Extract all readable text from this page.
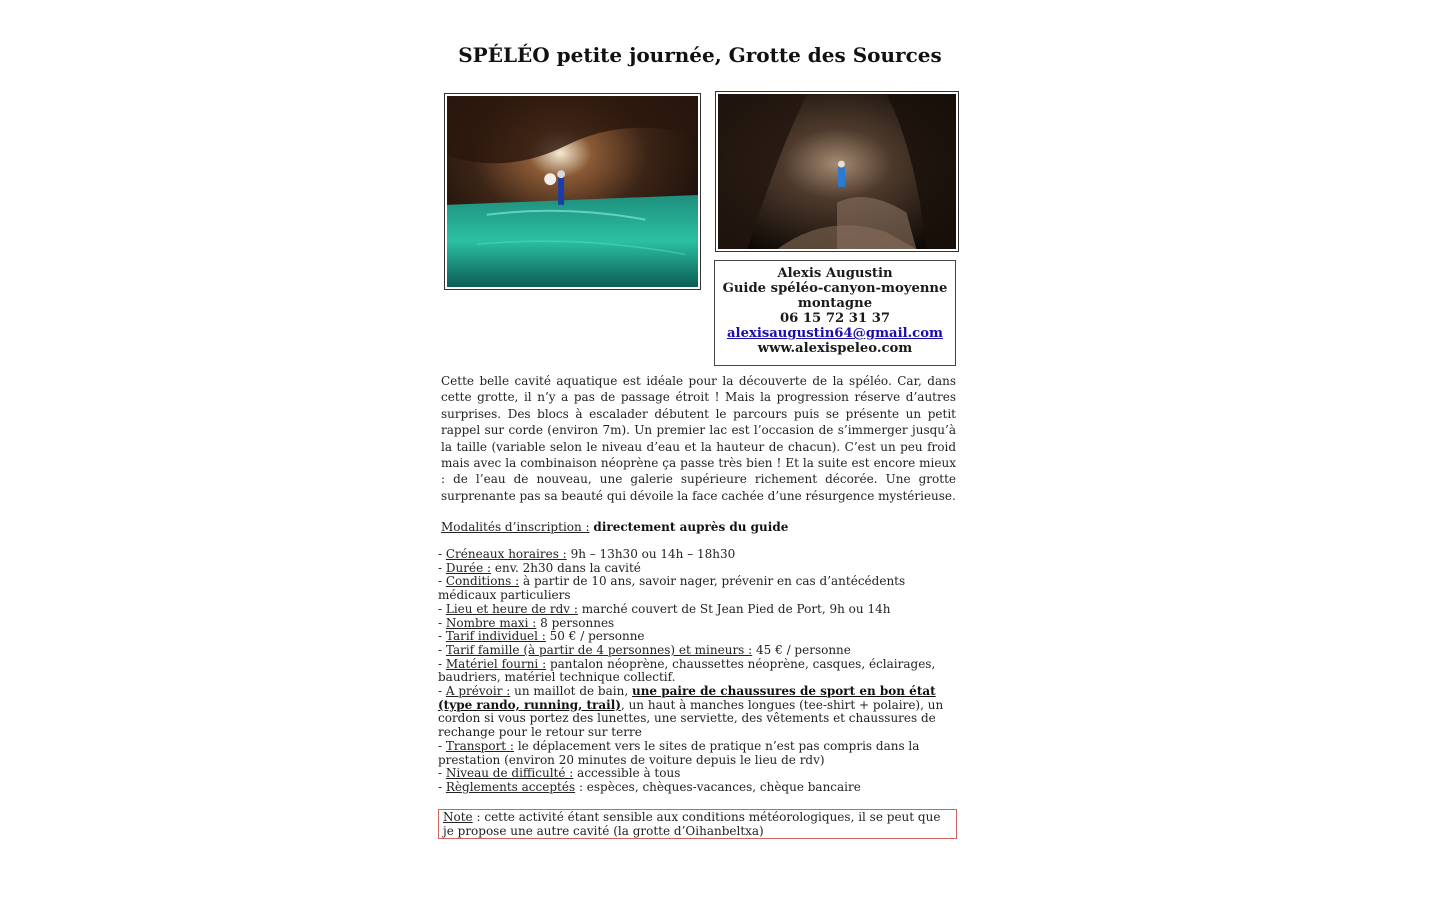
SPÉLÉO petite journée, Grotte des Sources
Alexis Augustin
Guide spéléo-canyon-moyenne
montagne
06 15 72 31 37
alexisaugustin64@gmail.com
www.alexispeleo.com
Cette belle cavité aquatique est idéale pour la découverte de la spéléo. Car, dans cette grotte, il n’y a pas de passage étroit ! Mais la progression réserve d’autres surprises. Des blocs à escalader débutent le parcours puis se présente un petit rappel sur corde (environ 7m). Un premier lac est l’occasion de s’immerger jusqu’à la taille (variable selon le niveau d’eau et la hauteur de chacun). C’est un peu froid mais avec la combinaison néoprène ça passe très bien ! Et la suite est encore mieux : de l’eau de nouveau, une galerie supérieure richement décorée. Une grotte surprenante pas sa beauté qui dévoile la face cachée d’une résurgence mystérieuse.
Modalités d’inscription : directement auprès du guide
- Créneaux horaires : 9h – 13h30 ou 14h – 18h30
- Durée : env. 2h30 dans la cavité
- Conditions : à partir de 10 ans, savoir nager, prévenir en cas d’antécédents médicaux particuliers
- Lieu et heure de rdv : marché couvert de St Jean Pied de Port, 9h ou 14h
- Nombre maxi : 8 personnes
- Tarif individuel : 50 € / personne
- Tarif famille (à partir de 4 personnes) et mineurs : 45 € / personne
- Matériel fourni : pantalon néoprène, chaussettes néoprène, casques, éclairages, baudriers, matériel technique collectif.
- A prévoir : un maillot de bain, une paire de chaussures de sport en bon état (type rando, running, trail), un haut à manches longues (tee-shirt + polaire), un cordon si vous portez des lunettes, une serviette, des vêtements et chaussures de rechange pour le retour sur terre
- Transport : le déplacement vers le sites de pratique n’est pas compris dans la prestation (environ 20 minutes de voiture depuis le lieu de rdv)
- Niveau de difficulté : accessible à tous
- Règlements acceptés : espèces, chèques-vacances, chèque bancaire
Note : cette activité étant sensible aux conditions météorologiques, il se peut que je propose une autre cavité (la grotte d’Oihanbeltxa)
